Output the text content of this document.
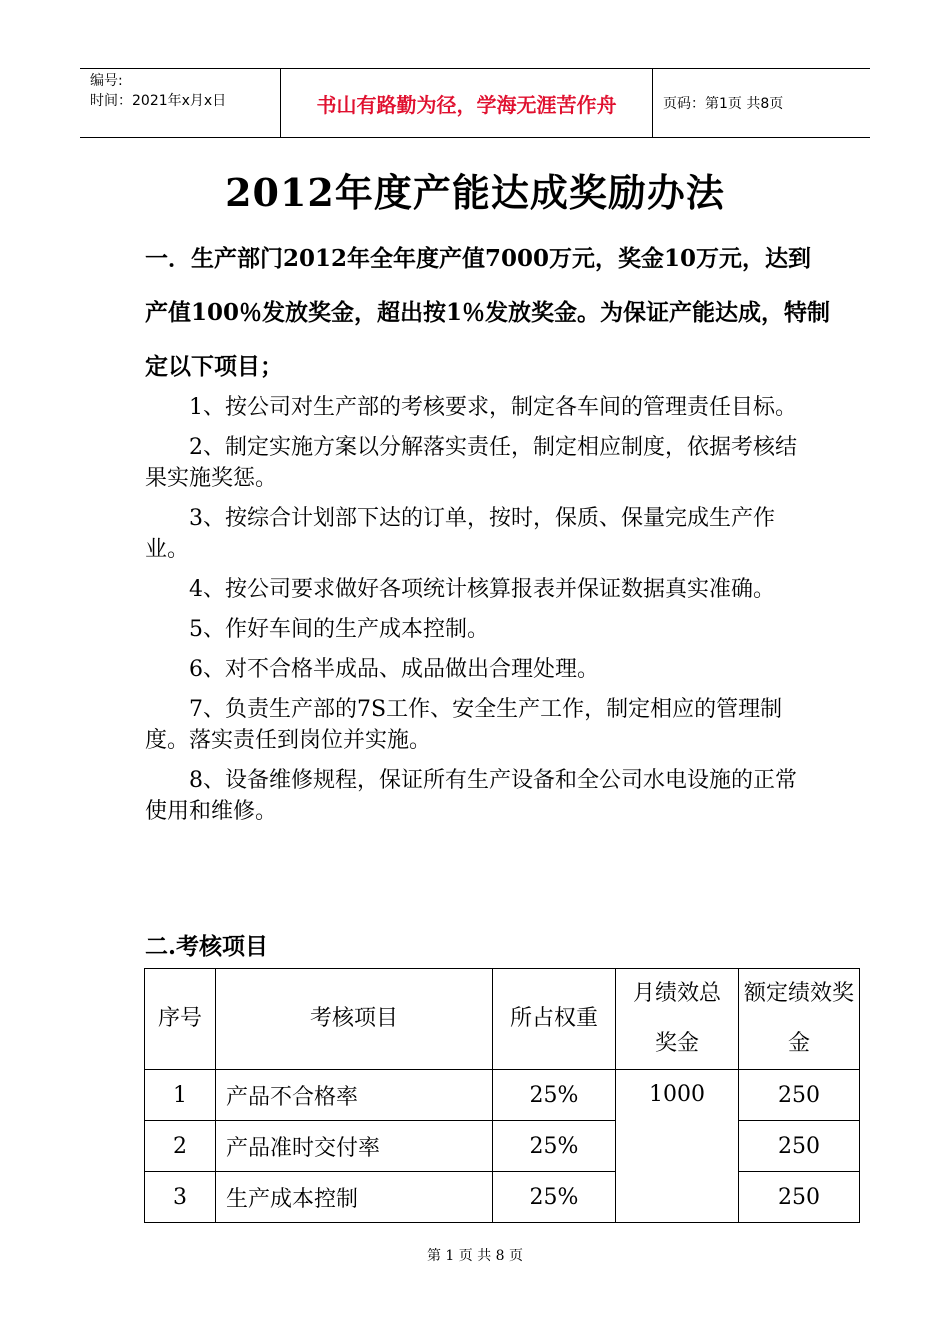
编号:
时间：2021年x月x日	书山有路勤为径，学海无涯苦作舟	页码：第1页 共8页
2012年度产能达成奖励办法

一．生产部门2012年全年度产值7000万元，奖金10万元，达到产值100％发放奖金，超出按1％发放奖金。为保证产能达成，特制定以下项目；

1、按公司对生产部的考核要求，制定各车间的管理责任目标。
2、制定实施方案以分解落实责任，制定相应制度，依据考核结果实施奖惩。
3、按综合计划部下达的订单，按时，保质、保量完成生产作业。
4、按公司要求做好各项统计核算报表并保证数据真实准确。
5、作好车间的生产成本控制。
6、对不合格半成品、成品做出合理处理。
7、负责生产部的7S工作、安全生产工作，制定相应的管理制度。落实责任到岗位并实施。
8、设备维修规程，保证所有生产设备和全公司水电设施的正常使用和维修。
二.考核项目
序号	考核项目	所占权重	月绩效总奖金	额定绩效奖金

1	产品不合格率	25%	1000	250
2	产品准时交付率	25%		250
3	生产成本控制	25%		250
第 1 页 共 8 页
